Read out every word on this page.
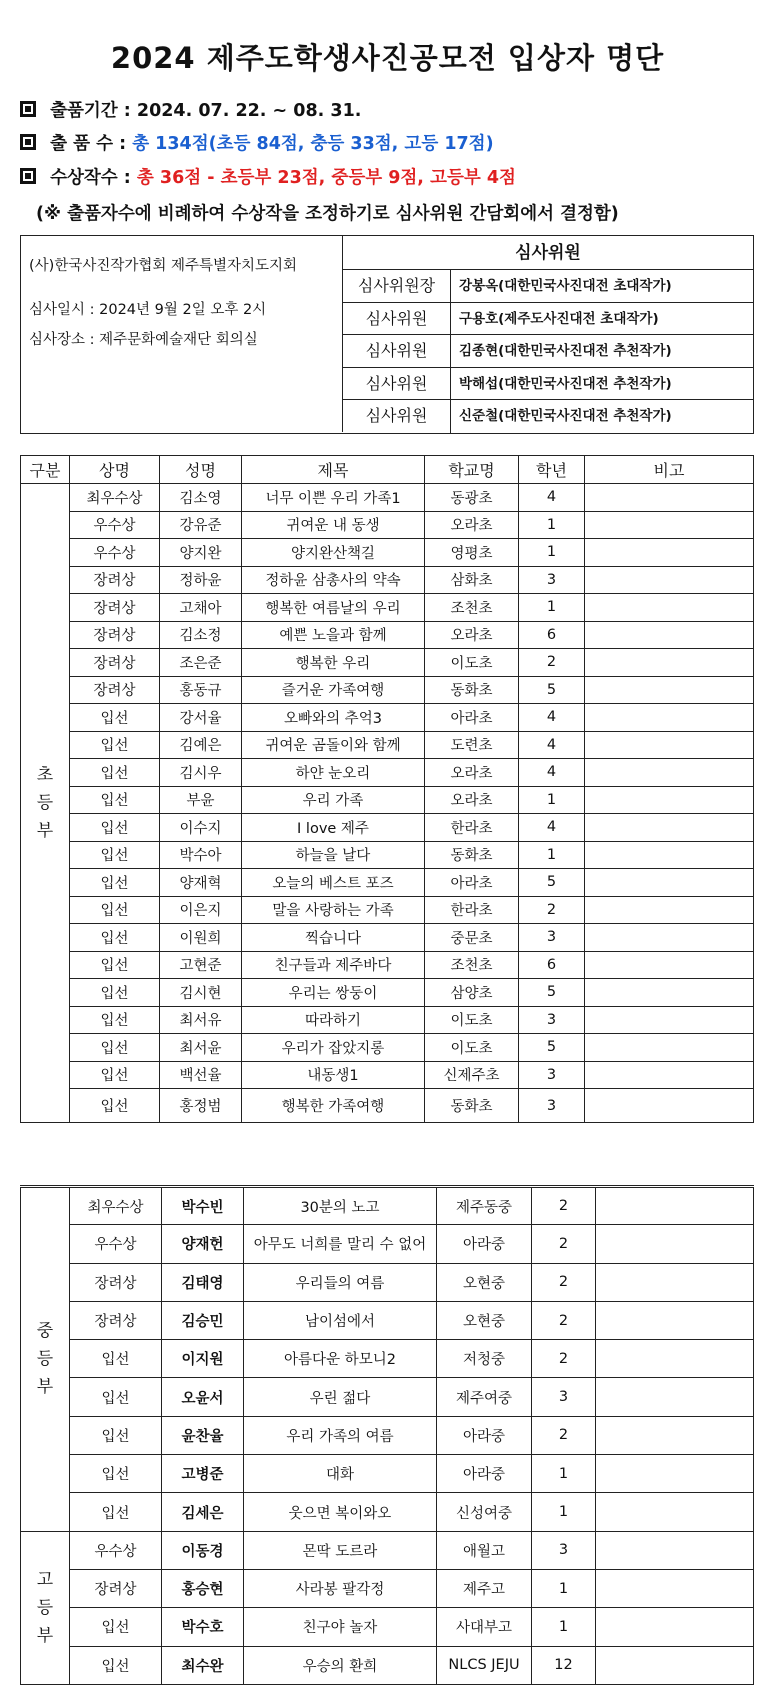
2024 제주도학생사진공모전 입상자 명단
출품기간 : 2024. 07. 22. ~ 08. 31.
출 품 수 : 총 134점(초등 84점, 충등 33점, 고등 17점)
수상작수 : 총 36점 - 초등부 23점, 중등부 9점, 고등부 4점
(※ 출품자수에 비례하여 수상작을 조정하기로 심사위원 간담회에서 결정함)
(사)한국사진작가협회 제주특별자치도지회
심사일시 : 2024년 9월 2일 오후 2시
심사장소 : 제주문화예술재단 회의실
심사위원
심사위원장	강봉옥(대한민국사진대전 초대작가)
심사위원	구용호(제주도사진대전 초대작가)
심사위원	김종현(대한민국사진대전 추천작가)
심사위원	박해섭(대한민국사진대전 추천작가)
심사위원	신준철(대한민국사진대전 추천작가)
구분	상명	성명	제목	학교명	학년	비고
초
등
부	최우수상	김소영	너무 이쁜 우리 가족1	동광초	4	
	우수상	강유준	귀여운 내 동생	오라초	1	
	우수상	양지완	양지완산책길	영평초	1	
	장려상	정하윤	정하윤 삼총사의 약속	삼화초	3	
	장려상	고채아	행복한 여름날의 우리	조천초	1	
	장려상	김소정	예쁜 노을과 함께	오라초	6	
	장려상	조은준	행복한 우리	이도초	2	
	장려상	홍동규	즐거운 가족여행	동화초	5	
	입선	강서율	오빠와의 추억3	아라초	4	
	입선	김예은	귀여운 곰돌이와 함께	도련초	4	
	입선	김시우	하얀 눈오리	오라초	4	
	입선	부윤	우리 가족	오라초	1	
	입선	이수지	I love 제주	한라초	4	
	입선	박수아	하늘을 날다	동화초	1	
	입선	양재혁	오늘의 베스트 포즈	아라초	5	
	입선	이은지	말을 사랑하는 가족	한라초	2	
	입선	이원희	찍습니다	중문초	3	
	입선	고현준	친구들과 제주바다	조천초	6	
	입선	김시현	우리는 쌍둥이	삼양초	5	
	입선	최서유	따라하기	이도초	3	
	입선	최서윤	우리가 잡았지롱	이도초	5	
	입선	백선율	내동생1	신제주초	3	
	입선	홍정범	행복한 가족여행	동화초	3	
중
등
부	최우수상	박수빈	30분의 노고	제주동중	2	
	우수상	양재헌	아무도 너희를 말리 수 없어	아라중	2	
	장려상	김태영	우리들의 여름	오현중	2	
	장려상	김승민	남이섬에서	오현중	2	
	입선	이지원	아름다운 하모니2	저청중	2	
	입선	오윤서	우린 젊다	제주여중	3	
	입선	윤찬율	우리 가족의 여름	아라중	2	
	입선	고병준	대화	아라중	1	
	입선	김세은	웃으면 복이와오	신성여중	1	
고
등
부	우수상	이동경	몬딱 도르라	애월고	3	
	장려상	홍승현	사라봉 팔각정	제주고	1	
	입선	박수호	친구야 놀자	사대부고	1	
	입선	최수완	우승의 환희	NLCS JEJU	12	
